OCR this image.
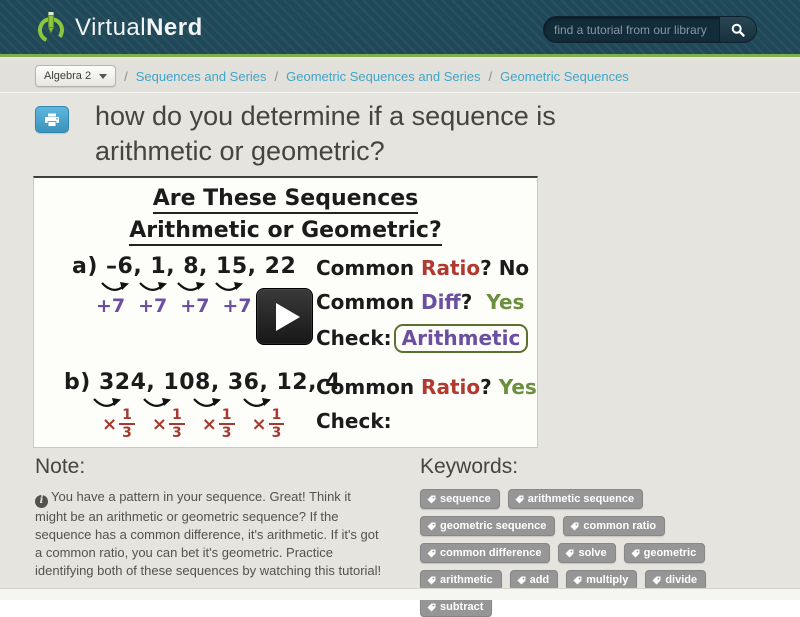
VirtualNerd
find a tutorial from our library
Algebra 2	/ Sequences and Series / Geometric Sequences and Series / Geometric Sequences
how do you determine if a sequence is arithmetic or geometric?
Are These Sequences
Arithmetic or Geometric?
a) –6, 1, 8, 15, 22
+7 +7 +7 +7
Common Ratio? No
Common Diff? Yes
Check: Arithmetic
b) 324, 108, 36, 12, 4
× $\frac{1}{3} \times \frac{1}{3} \times \frac{1}{3} \times \frac{1}{3}$
Common Ratio? Yes
Check:
Note:

i You have a pattern in your sequence. Great! Think it might be an arithmetic or geometric sequence? If the sequence has a common difference, it's arithmetic. If it's got a common ratio, you can bet it's geometric. Practice identifying both of these sequences by watching this tutorial!

Keywords:
sequence	arithmetic sequence
geometric sequence	common ratio
common difference	solve	geometric
arithmetic	add	multiply	divide
subtract
